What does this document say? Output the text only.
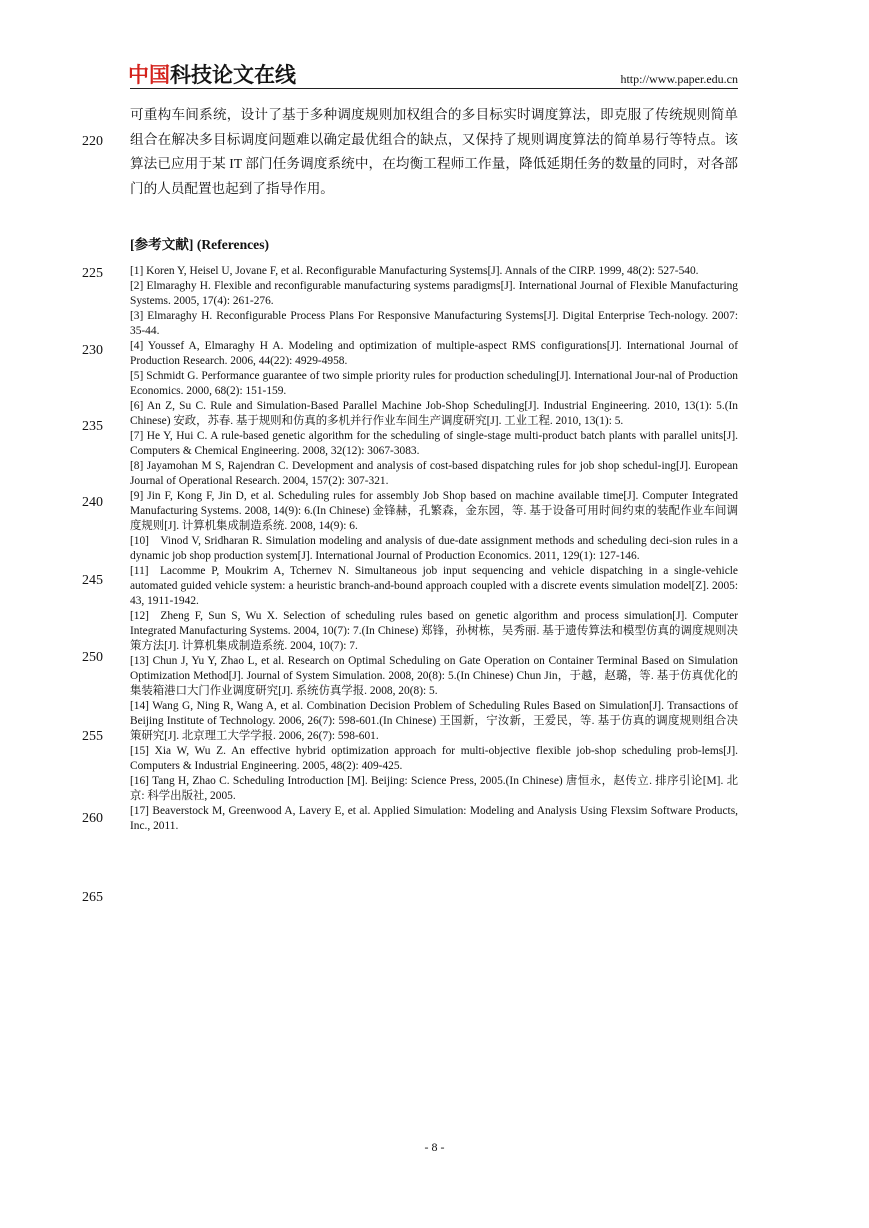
中国科技论文在线	http://www.paper.edu.cn

可重构车间系统，设计了基于多种调度规则加权组合的多目标实时调度算法，即克服了传统规则简单组合在解决多目标调度问题难以确定最优组合的缺点，又保持了规则调度算法的简单易行等特点。该算法已应用于某 IT 部门任务调度系统中，在均衡工程师工作量，降低延期任务的数量的同时，对各部门的人员配置也起到了指导作用。

[参考文献] (References)
220
225
230
235
240
245
250
255
260
265

[1] Koren Y, Heisel U, Jovane F, et al. Reconfigurable Manufacturing Systems[J]. Annals of the CIRP. 1999, 48(2): 527-540.

[2] Elmaraghy H. Flexible and reconfigurable manufacturing systems paradigms[J]. International Journal of Flexible Manufacturing Systems. 2005, 17(4): 261-276.

[3] Elmaraghy H. Reconfigurable Process Plans For Responsive Manufacturing Systems[J]. Digital Enterprise Tech-nology. 2007: 35-44.

[4] Youssef A, Elmaraghy H A. Modeling and optimization of multiple-aspect RMS configurations[J]. International Journal of Production Research. 2006, 44(22): 4929-4958.

[5] Schmidt G. Performance guarantee of two simple priority rules for production scheduling[J]. International Jour-nal of Production Economics. 2000, 68(2): 151-159.

[6] An Z, Su C. Rule and Simulation-Based Parallel Machine Job-Shop Scheduling[J]. Industrial Engineering. 2010, 13(1): 5.(In Chinese) 安政，苏春. 基于规则和仿真的多机并行作业车间生产调度研究[J]. 工业工程. 2010, 13(1): 5.

[7] He Y, Hui C. A rule-based genetic algorithm for the scheduling of single-stage multi-product batch plants with parallel units[J]. Computers & Chemical Engineering. 2008, 32(12): 3067-3083.

[8] Jayamohan M S, Rajendran C. Development and analysis of cost-based dispatching rules for job shop schedul-ing[J]. European Journal of Operational Research. 2004, 157(2): 307-321.

[9] Jin F, Kong F, Jin D, et al. Scheduling rules for assembly Job Shop based on machine available time[J]. Computer Integrated Manufacturing Systems. 2008, 14(9): 6.(In Chinese) 金锋赫，孔繁森，金东园，等. 基于设备可用时间约束的装配作业车间调度规则[J]. 计算机集成制造系统. 2008, 14(9): 6.

[10] Vinod V, Sridharan R. Simulation modeling and analysis of due-date assignment methods and scheduling deci-sion rules in a dynamic job shop production system[J]. International Journal of Production Economics. 2011, 129(1): 127-146.

[11] Lacomme P, Moukrim A, Tchernev N. Simultaneous job input sequencing and vehicle dispatching in a single-vehicle automated guided vehicle system: a heuristic branch-and-bound approach coupled with a discrete events simulation model[Z]. 2005: 43, 1911-1942.

[12] Zheng F, Sun S, Wu X. Selection of scheduling rules based on genetic algorithm and process simulation[J]. Computer Integrated Manufacturing Systems. 2004, 10(7): 7.(In Chinese) 郑锋，孙树栋，吴秀丽. 基于遗传算法和模型仿真的调度规则决策方法[J]. 计算机集成制造系统. 2004, 10(7): 7.

[13] Chun J, Yu Y, Zhao L, et al. Research on Optimal Scheduling on Gate Operation on Container Terminal Based on Simulation Optimization Method[J]. Journal of System Simulation. 2008, 20(8): 5.(In Chinese) Chun Jin，于越，赵璐，等. 基于仿真优化的集装箱港口大门作业调度研究[J]. 系统仿真学报. 2008, 20(8): 5.

[14] Wang G, Ning R, Wang A, et al. Combination Decision Problem of Scheduling Rules Based on Simulation[J]. Transactions of Beijing Institute of Technology. 2006, 26(7): 598-601.(In Chinese) 王国新，宁汝新，王爱民，等. 基于仿真的调度规则组合决策研究[J]. 北京理工大学学报. 2006, 26(7): 598-601.

[15] Xia W, Wu Z. An effective hybrid optimization approach for multi-objective flexible job-shop scheduling prob-lems[J]. Computers & Industrial Engineering. 2005, 48(2): 409-425.

[16] Tang H, Zhao C. Scheduling Introduction [M]. Beijing: Science Press, 2005.(In Chinese) 唐恒永，赵传立. 排序引论[M]. 北京: 科学出版社, 2005.

[17] Beaverstock M, Greenwood A, Lavery E, et al. Applied Simulation: Modeling and Analysis Using Flexsim Software Products, Inc., 2011.

- 8 -
